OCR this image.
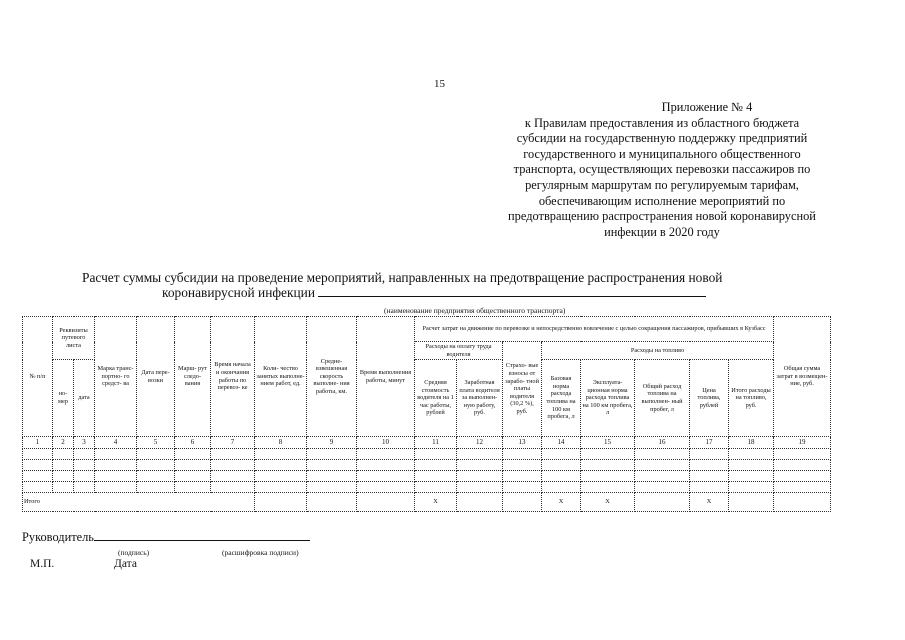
15
Приложение № 4
к Правилам предоставления из областного бюджета
субсидии на государственную поддержку предприятий
государственного и муниципального общественного
транспорта, осуществляющих перевозки пассажиров по
регулярным маршрутам по регулируемым тарифам,
обеспечивающим исполнение мероприятий по
предотвращению распространения новой коронавирусной
инфекции в 2020 году
Расчет суммы субсидии на проведение мероприятий, направленных на предотвращение распространения новой
коронавирусной инфекции
(наименование предприятия общественного транспорта)
№ п/п	Реквизиты путевого листа		Марка транс- портно- го средст- ва	Дата пере- возки	Марш- рут следо- вания	Время начала и окончания работы по перевоз- ке	Коли- чество занятых выполне- нием работ, ед.	Средне- взвешенная скорость выполне- ния работы, км.	Время выполнения работы, минут	Расчет затрат на движение по перевозке и непосредственно вовлечение с целью сокращения пассажиров, прибывших в Кузбасс								Общая сумма затрат в возмещен- ние, руб.
										Расходы на оплату труда водителя		Страхо- вые взносы от зарабо- тной платы водителя (30,2 %), руб.	Расходы на топливо					
	но- мер	дата								Средняя стоимость водителя на 1 час работы, рублей	Заработная плата водителя за выполнен- ную работу, руб.		Базовая норма расхода топлива на 100 км пробега, л	Эксплуата- ционная норма расхода топлива на 100 км пробега, л	Общий расход топлива на выполнен- ный пробег, л	Цена топлива, рублей	Итого расходы на топливо, руб.	
1	2	3	4	5	6	7	8	9	10	11	12	13	14	15	16	17	18	19

Итого										X			X	X		X		
Руководитель
(подпись)	(расшифровка подписи)
М.П.	Дата
